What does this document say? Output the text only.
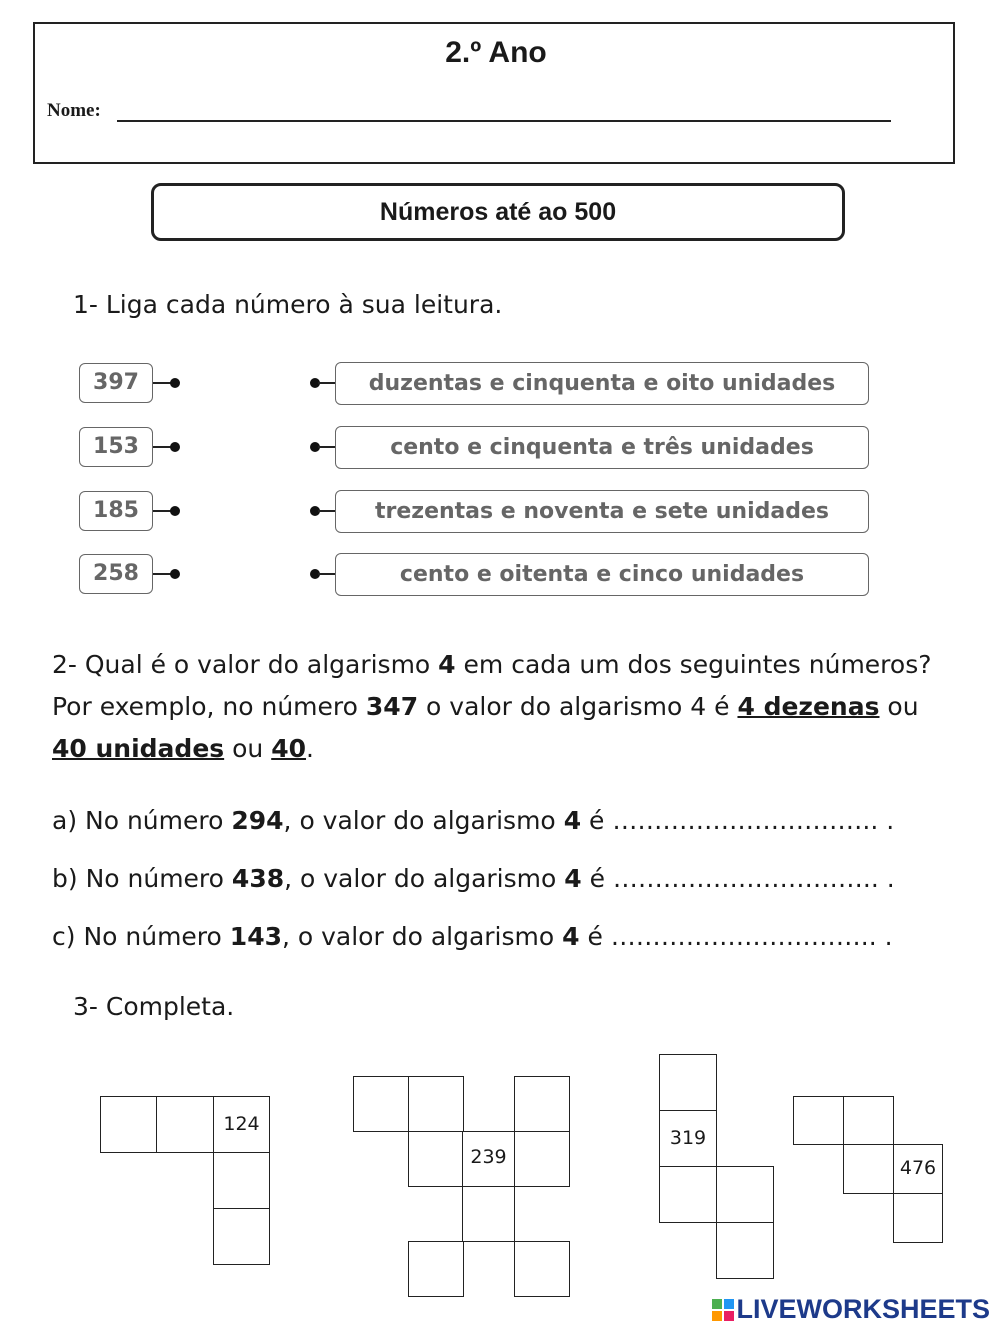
2.º Ano
Nome:
Números até ao 500
1- Liga cada número à sua leitura.
397	duzentas e cinquenta e oito unidades
153	cento e cinquenta e três unidades
185	trezentas e noventa e sete unidades
258	cento e oitenta e cinco unidades
2- Qual é o valor do algarismo 4 em cada um dos seguintes números? Por exemplo, no número 347 o valor do algarismo 4 é 4 dezenas ou 40 unidades ou 40.
a) No número 294, o valor do algarismo 4 é ………………………….. .
b) No número 438, o valor do algarismo 4 é ………………………….. .
c) No número 143, o valor do algarismo 4 é ………………………….. .
3- Completa.
124
239
319
476
LIVEWORKSHEETS
